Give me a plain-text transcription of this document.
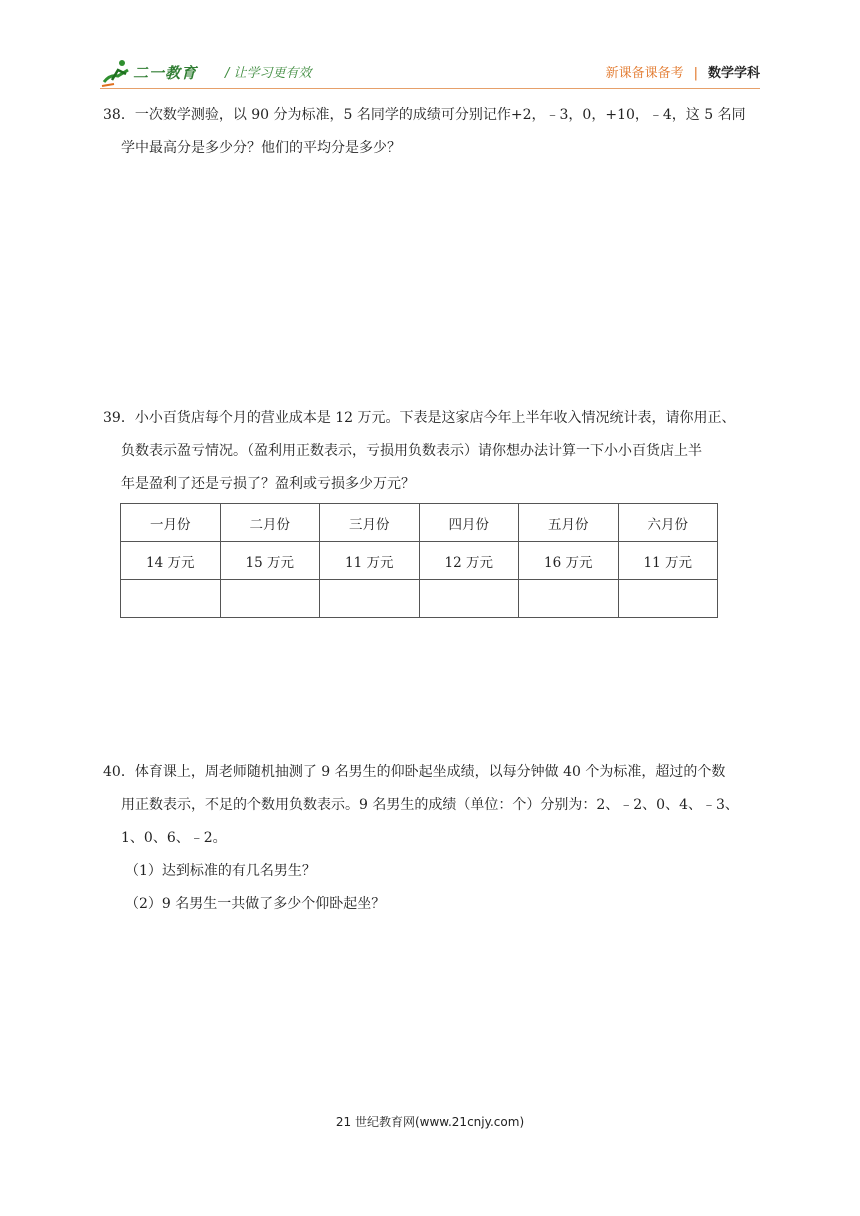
二一教育 / 让学习更有效	新课备课备考 | 数学学科

38．一次数学测验，以 90 分为标准，5 名同学的成绩可分别记作+2，﹣3，0，+10，﹣4，这 5 名同

学中最高分是多少分？他们的平均分是多少？

39．小小百货店每个月的营业成本是 12 万元。下表是这家店今年上半年收入情况统计表，请你用正、

负数表示盈亏情况。（盈利用正数表示，亏损用负数表示）请你想办法计算一下小小百货店上半

年是盈利了还是亏损了？盈利或亏损多少万元？

一月份	二月份	三月份	四月份	五月份	六月份
14 万元	15 万元	11 万元	12 万元	16 万元	11 万元

40．体育课上，周老师随机抽测了 9 名男生的仰卧起坐成绩，以每分钟做 40 个为标准，超过的个数

用正数表示，不足的个数用负数表示。9 名男生的成绩（单位：个）分别为：2、﹣2、0、4、﹣3、

1、0、6、﹣2。

（1）达到标准的有几名男生？

（2）9 名男生一共做了多少个仰卧起坐？

21 世纪教育网(www.21cnjy.com)
